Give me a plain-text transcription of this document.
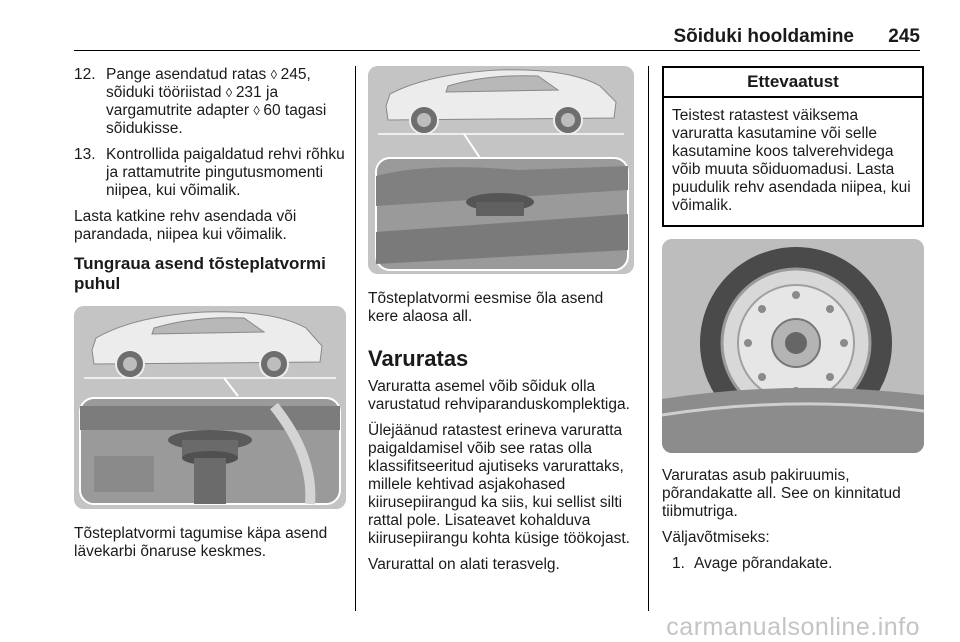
Sõiduki hooldamine 245
12. Pange asendatud ratas ◊ 245, sõiduki tööriistad ◊ 231 ja vargamutrite adapter ◊ 60 tagasi sõidukisse.
13. Kontrollida paigaldatud rehvi rõhku ja rattamutrite pingutusmomenti niipea, kui võimalik.

Lasta katkine rehv asendada või parandada, niipea kui võimalik.

Tungraua asend tõsteplatvormi puhul

Tõsteplatvormi tagumise käpa asend lävekarbi õnaruse keskmes.

Tõsteplatvormi eesmise õla asend kere alaosa all.

Varuratas

Varuratta asemel võib sõiduk olla varustatud rehviparanduskomplektiga.

Ülejäänud ratastest erineva varuratta paigaldamisel võib see ratas olla klassifitseeritud ajutiseks varurattaks, millele kehtivad asjakohased kiirusepiirangud ka siis, kui sellist silti rattal pole. Lisateavet kohalduva kiirusepiirangu kohta küsige töökojast.

Varurattal on alati terasvelg.

Ettevaatust
Teistest ratastest väiksema varuratta kasutamine või selle kasutamine koos talverehvidega võib muuta sõiduomadusi. Lasta puudulik rehv asendada niipea, kui võimalik.

Varuratas asub pakiruumis, põrandakatte all. See on kinnitatud tiibmutriga.

Väljavõtmiseks:

1. Avage põrandakate.
carmanualsonline.info
